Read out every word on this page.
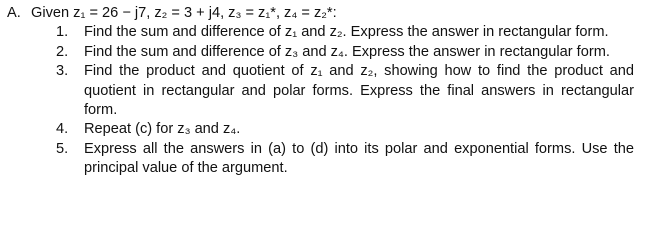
A. Given z₁ = 26 − j7, z₂ = 3 + j4, z₃ = z₁*, z₄ = z₂*:
1. Find the sum and difference of z₁ and z₂. Express the answer in rectangular form.
2. Find the sum and difference of z₃ and z₄. Express the answer in rectangular form.
3. Find the product and quotient of z₁ and z₂, showing how to find the product and quotient in rectangular and polar forms. Express the final answers in rectangular form.
4. Repeat (c) for z₃ and z₄.
5. Express all the answers in (a) to (d) into its polar and exponential forms. Use the principal value of the argument.
